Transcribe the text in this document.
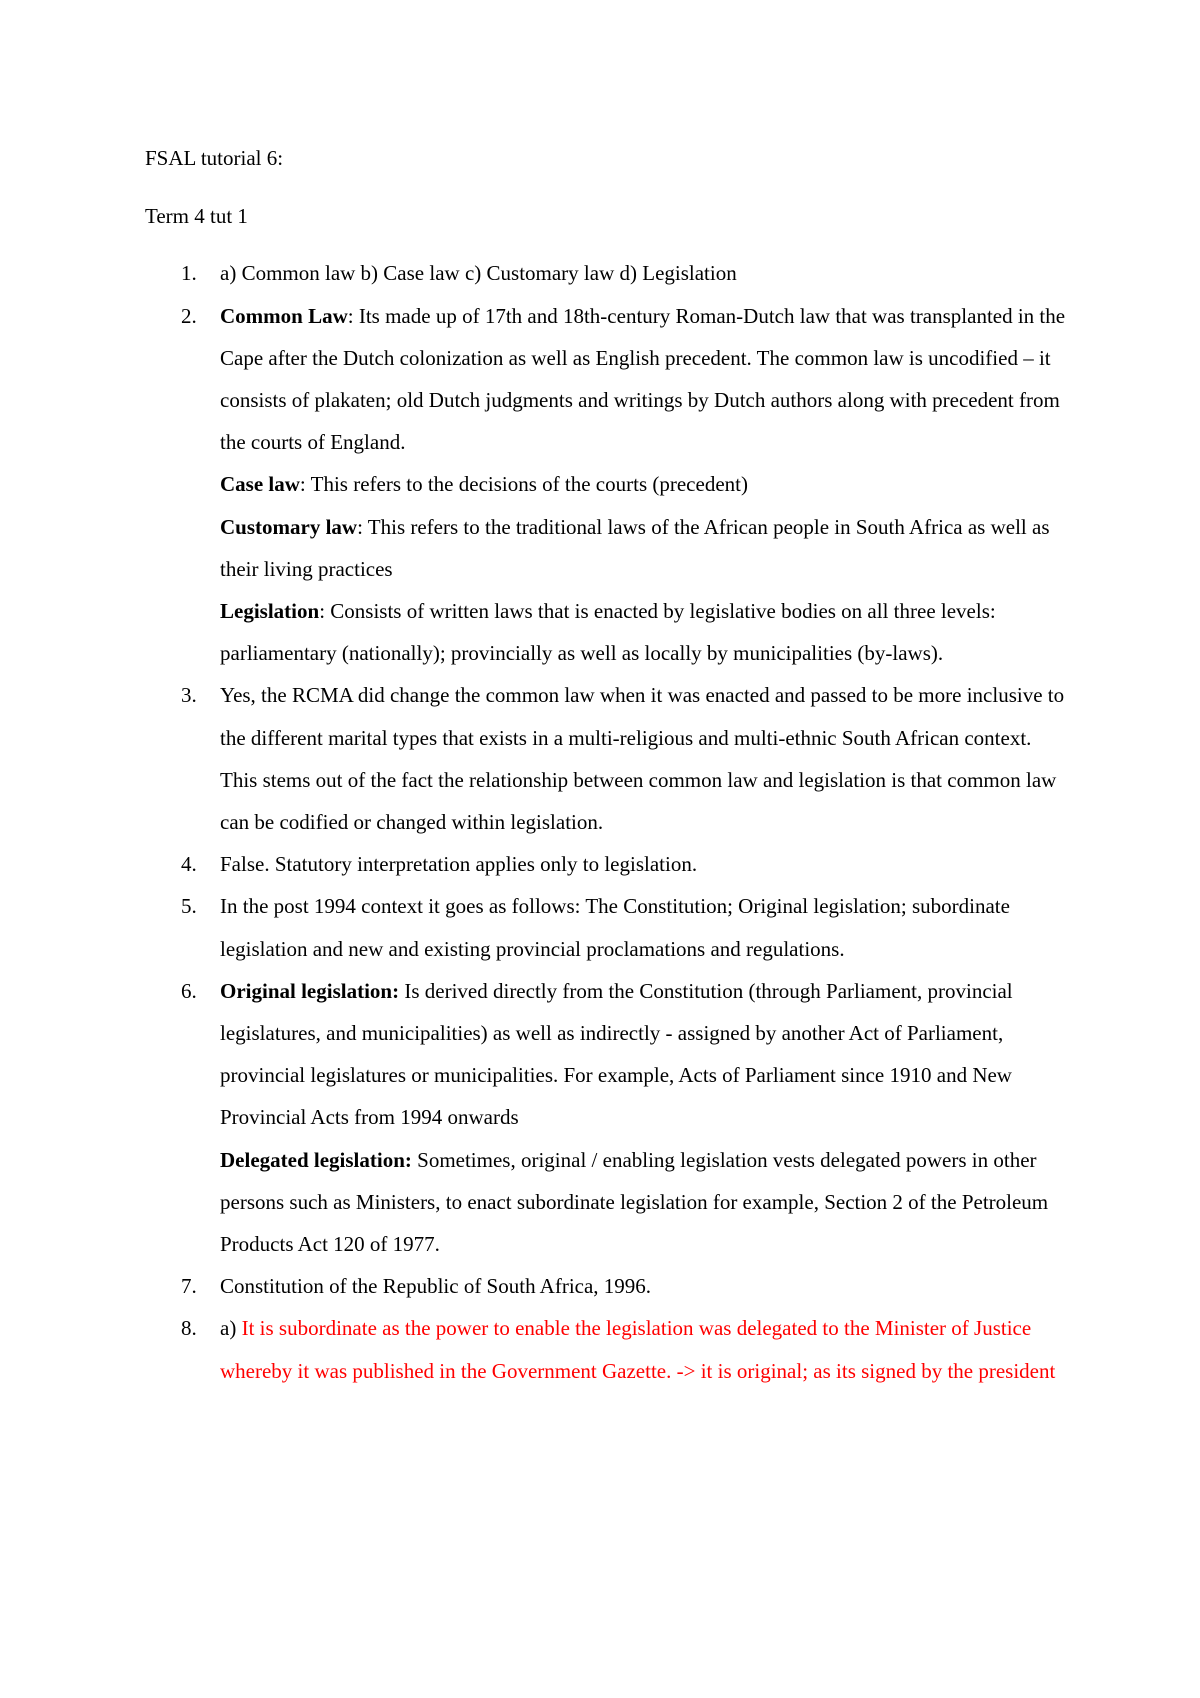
FSAL tutorial 6:

Term 4 tut 1

1. a) Common law b) Case law c) Customary law d) Legislation
2. Common Law: Its made up of 17th and 18th-century Roman-Dutch law that was transplanted in the Cape after the Dutch colonization as well as English precedent. The common law is uncodified – it consists of plakaten; old Dutch judgments and writings by Dutch authors along with precedent from the courts of England.
Case law: This refers to the decisions of the courts (precedent)
Customary law: This refers to the traditional laws of the African people in South Africa as well as their living practices
Legislation: Consists of written laws that is enacted by legislative bodies on all three levels: parliamentary (nationally); provincially as well as locally by municipalities (by-laws).
3. Yes, the RCMA did change the common law when it was enacted and passed to be more inclusive to the different marital types that exists in a multi-religious and multi-ethnic South African context. This stems out of the fact the relationship between common law and legislation is that common law can be codified or changed within legislation.
4. False. Statutory interpretation applies only to legislation.
5. In the post 1994 context it goes as follows: The Constitution; Original legislation; subordinate legislation and new and existing provincial proclamations and regulations.
6. Original legislation: Is derived directly from the Constitution (through Parliament, provincial legislatures, and municipalities) as well as indirectly - assigned by another Act of Parliament, provincial legislatures or municipalities. For example, Acts of Parliament since 1910 and New Provincial Acts from 1994 onwards
Delegated legislation: Sometimes, original / enabling legislation vests delegated powers in other persons such as Ministers, to enact subordinate legislation for example, Section 2 of the Petroleum Products Act 120 of 1977.
7. Constitution of the Republic of South Africa, 1996.
8. a) It is subordinate as the power to enable the legislation was delegated to the Minister of Justice whereby it was published in the Government Gazette. -> it is original; as its signed by the president
